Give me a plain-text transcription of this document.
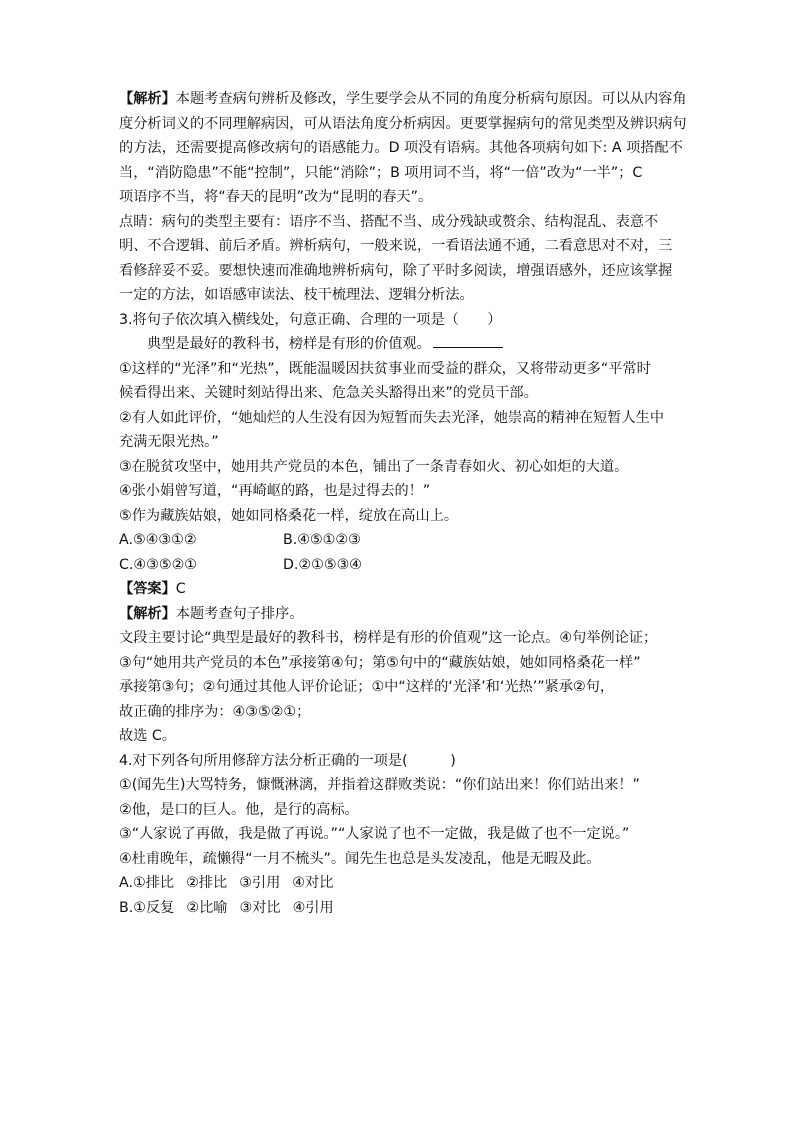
【解析】本题考查病句辨析及修改，学生要学会从不同的角度分析病句原因。可以从内容角
度分析词义的不同理解病因，可从语法角度分析病因。更要掌握病句的常见类型及辨识病句
的方法，还需要提高修改病句的语感能力。D 项没有语病。其他各项病句如下: A 项搭配不
当，“消防隐患”不能“控制”，只能“消除”；B 项用词不当，将“一倍”改为“一半”；C
项语序不当，将“春天的昆明”改为“昆明的春天”。
点睛：病句的类型主要有：语序不当、搭配不当、成分残缺或赘余、结构混乱、表意不
明、不合逻辑、前后矛盾。辨析病句，一般来说，一看语法通不通，二看意思对不对，三
看修辞妥不妥。要想快速而准确地辨析病句，除了平时多阅读，增强语感外，还应该掌握
一定的方法，如语感审读法、枝干梳理法、逻辑分析法。
3.将句子依次填入横线处，句意正确、合理的一项是（　　）
典型是最好的教科书，榜样是有形的价值观。
①这样的“光泽”和“光热”，既能温暖因扶贫事业而受益的群众，又将带动更多“平常时
候看得出来、关键时刻站得出来、危急关头豁得出来”的党员干部。
②有人如此评价，“她灿烂的人生没有因为短暂而失去光泽，她崇高的精神在短暂人生中
充满无限光热。”
③在脱贫攻坚中，她用共产党员的本色，铺出了一条青春如火、初心如炬的大道。
④张小娟曾写道，“再崎岖的路，也是过得去的！”
⑤作为藏族姑娘，她如同格桑花一样，绽放在高山上。
A.⑤④③①②	B.④⑤①②③
C.④③⑤②①	D.②①⑤③④
【答案】C
【解析】本题考查句子排序。
文段主要讨论“典型是最好的教科书，榜样是有形的价值观”这一论点。④句举例论证；
③句“她用共产党员的本色”承接第④句；第⑤句中的“藏族姑娘，她如同格桑花一样”
承接第③句；②句通过其他人评价论证；①中“这样的‘光泽’和‘光热’”紧承②句，
故正确的排序为：④③⑤②①；
故选 C。
4.对下列各句所用修辞方法分析正确的一项是(　　　)
①(闻先生)大骂特务，慷慨淋漓，并指着这群败类说：“你们站出来！你们站出来！”
②他，是口的巨人。他，是行的高标。
③“人家说了再做，我是做了再说。”“人家说了也不一定做，我是做了也不一定说。”
④杜甫晚年，疏懒得“一月不梳头”。闻先生也总是头发凌乱，他是无暇及此。
A.①排比 ②排比 ③引用 ④对比
B.①反复 ②比喻 ③对比 ④引用
